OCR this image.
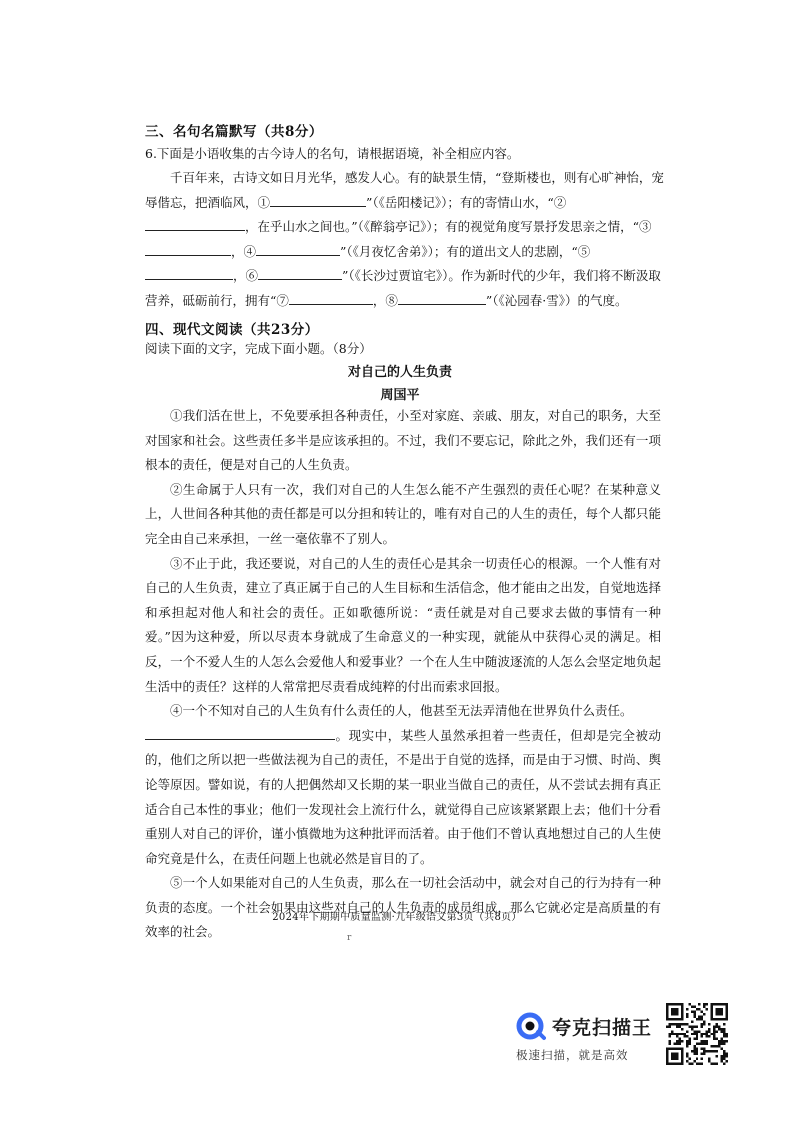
三、名句名篇默写（共8分）
6.下面是小语收集的古今诗人的名句，请根据语境，补全相应内容。
千百年来，古诗文如日月光华，感发人心。有的缺景生情，“登斯楼也，则有心旷神怡，宠辱偕忘，把酒临风，①	”（《岳阳楼记》）；有的寄情山水，“②，在乎山水之间也。”（《醉翁亭记》）；有的视觉角度写景抒发思亲之情，“③，④	”（《月夜忆舍弟》）；有的道出文人的悲剧，“⑤，⑥	”（《长沙过贾谊宅》）。作为新时代的少年，我们将不断汲取营养，砥砺前行，拥有“⑦	，⑧	”（《沁园春·雪》）的气度。
四、现代文阅读（共23分）
阅读下面的文字，完成下面小题。（8分）
对自己的人生负责
周国平

①我们活在世上，不免要承担各种责任，小至对家庭、亲戚、朋友，对自己的职务，大至对国家和社会。这些责任多半是应该承担的。不过，我们不要忘记，除此之外，我们还有一项根本的责任，便是对自己的人生负责。

②生命属于人只有一次，我们对自己的人生怎么能不产生强烈的责任心呢？在某种意义上，人世间各种其他的责任都是可以分担和转让的，唯有对自己的人生的责任，每个人都只能完全由自己来承担，一丝一毫依靠不了别人。

③不止于此，我还要说，对自己的人生的责任心是其余一切责任心的根源。一个人惟有对自己的人生负责，建立了真正属于自己的人生目标和生活信念，他才能由之出发，自觉地选择和承担起对他人和社会的责任。正如歌德所说：“责任就是对自己要求去做的事情有一种爱。”因为这种爱，所以尽责本身就成了生命意义的一种实现，就能从中获得心灵的满足。相反，一个不爱人生的人怎么会爱他人和爱事业？一个在人生中随波逐流的人怎么会坚定地负起生活中的责任？这样的人常常把尽责看成纯粹的付出而索求回报。

④一个不知对自己的人生负有什么责任的人，他甚至无法弄清他在世界负什么责任。

。现实中，某些人虽然承担着一些责任，但却是完全被动的，他们之所以把一些做法视为自己的责任，不是出于自觉的选择，而是由于习惯、时尚、舆论等原因。譬如说，有的人把偶然却又长期的某一职业当做自己的责任，从不尝试去拥有真正适合自己本性的事业；他们一发现社会上流行什么，就觉得自己应该紧紧跟上去；他们十分看重别人对自己的评价，谨小慎微地为这种批评而活着。由于他们不曾认真地想过自己的人生使命究竟是什么，在责任问题上也就必然是盲目的了。

⑤一个人如果能对自己的人生负责，那么在一切社会活动中，就会对自己的行为持有一种负责的态度。一个社会如果由这些对自己的人生负责的成员组成，那么它就必定是高质量的有效率的社会。

2024年下期期中质量监测·九年级语文第3页（共8页）
r
夸克扫描王
极速扫描，就是高效
